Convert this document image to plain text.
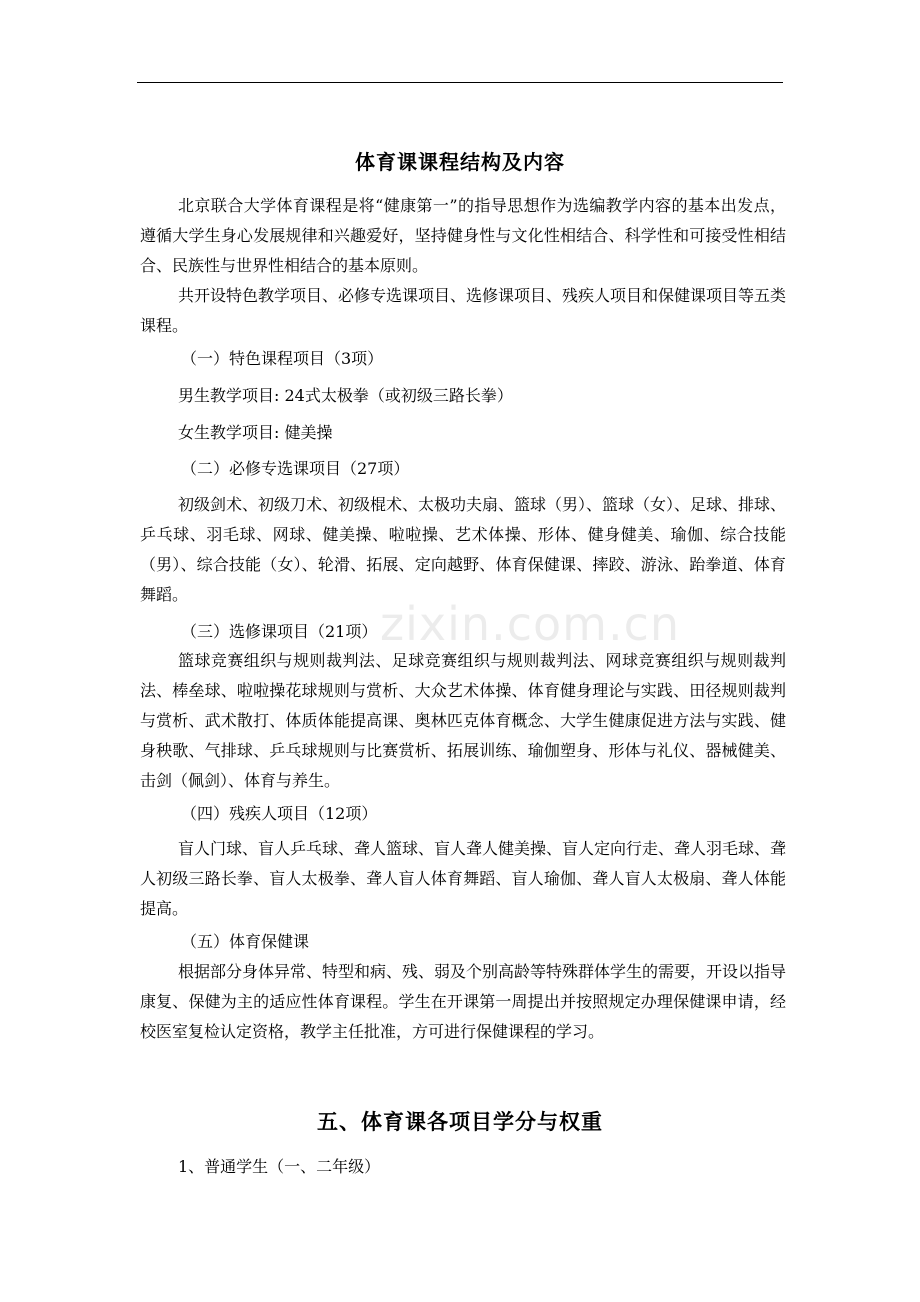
体育课课程结构及内容

北京联合大学体育课程是将“健康第一”的指导思想作为选编教学内容的基本出发点，遵循大学生身心发展规律和兴趣爱好，坚持健身性与文化性相结合、科学性和可接受性相结合、民族性与世界性相结合的基本原则。

共开设特色教学项目、必修专选课项目、选修课项目、残疾人项目和保健课项目等五类课程。

（一）特色课程项目（3项）

男生教学项目: 24式太极拳（或初级三路长拳）

女生教学项目: 健美操

（二）必修专选课项目（27项）

初级剑术、初级刀术、初级棍术、太极功夫扇、篮球（男）、篮球（女）、足球、排球、乒乓球、羽毛球、网球、健美操、啦啦操、艺术体操、形体、健身健美、瑜伽、综合技能（男）、综合技能（女）、轮滑、拓展、定向越野、体育保健课、摔跤、游泳、跆拳道、体育舞蹈。

（三）选修课项目（21项）

篮球竞赛组织与规则裁判法、足球竞赛组织与规则裁判法、网球竞赛组织与规则裁判法、棒垒球、啦啦操花球规则与赏析、大众艺术体操、体育健身理论与实践、田径规则裁判与赏析、武术散打、体质体能提高课、奥林匹克体育概念、大学生健康促进方法与实践、健身秧歌、气排球、乒乓球规则与比赛赏析、拓展训练、瑜伽塑身、形体与礼仪、器械健美、击剑（佩剑）、体育与养生。

（四）残疾人项目（12项）

盲人门球、盲人乒乓球、聋人篮球、盲人聋人健美操、盲人定向行走、聋人羽毛球、聋人初级三路长拳、盲人太极拳、聋人盲人体育舞蹈、盲人瑜伽、聋人盲人太极扇、聋人体能提高。

（五）体育保健课

根据部分身体异常、特型和病、残、弱及个别高龄等特殊群体学生的需要，开设以指导康复、保健为主的适应性体育课程。学生在开课第一周提出并按照规定办理保健课申请，经校医室复检认定资格，教学主任批准，方可进行保健课程的学习。

五、体育课各项目学分与权重

1、普通学生（一、二年级）

zixin.com.cn
